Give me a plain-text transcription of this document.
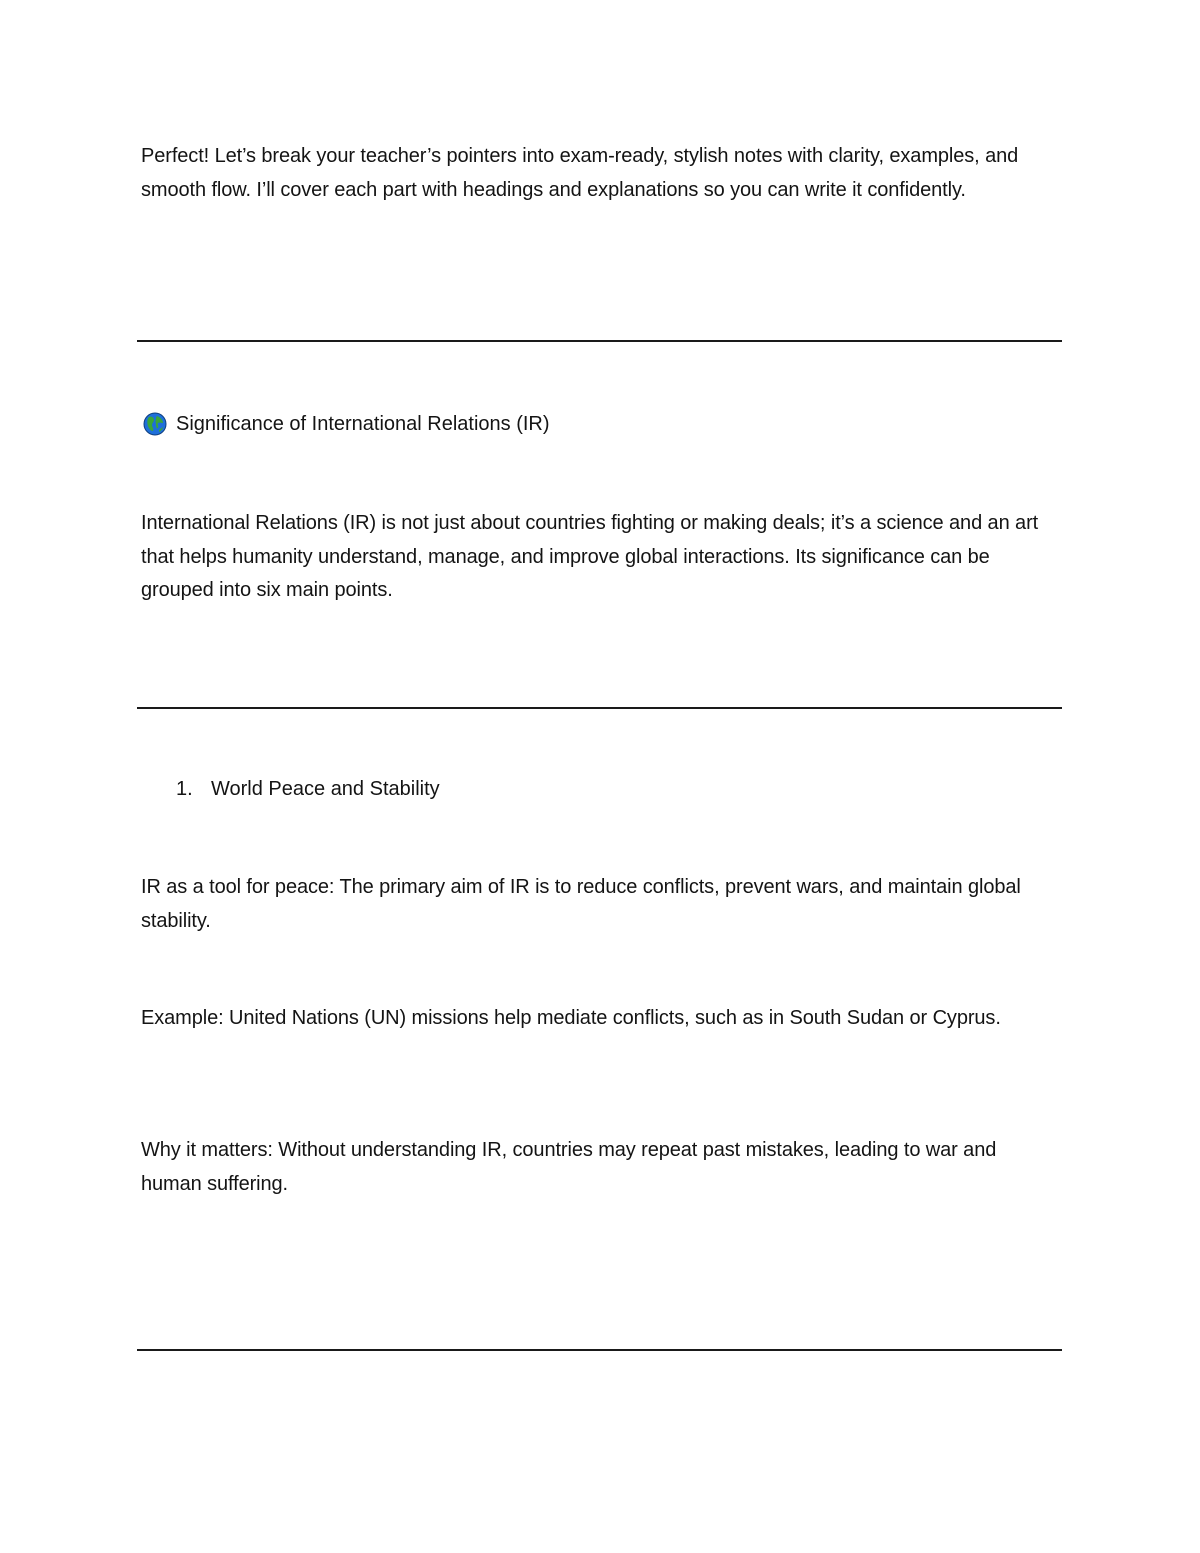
Perfect! Let’s break your teacher’s pointers into exam-ready, stylish notes with clarity, examples, and smooth flow. I’ll cover each part with headings and explanations so you can write it confidently.

Significance of International Relations (IR)

International Relations (IR) is not just about countries fighting or making deals; it’s a science and an art that helps humanity understand, manage, and improve global interactions. Its significance can be grouped into six main points.

1. World Peace and Stability

IR as a tool for peace: The primary aim of IR is to reduce conflicts, prevent wars, and maintain global stability.

Example: United Nations (UN) missions help mediate conflicts, such as in South Sudan or Cyprus.

Why it matters: Without understanding IR, countries may repeat past mistakes, leading to war and human suffering.
